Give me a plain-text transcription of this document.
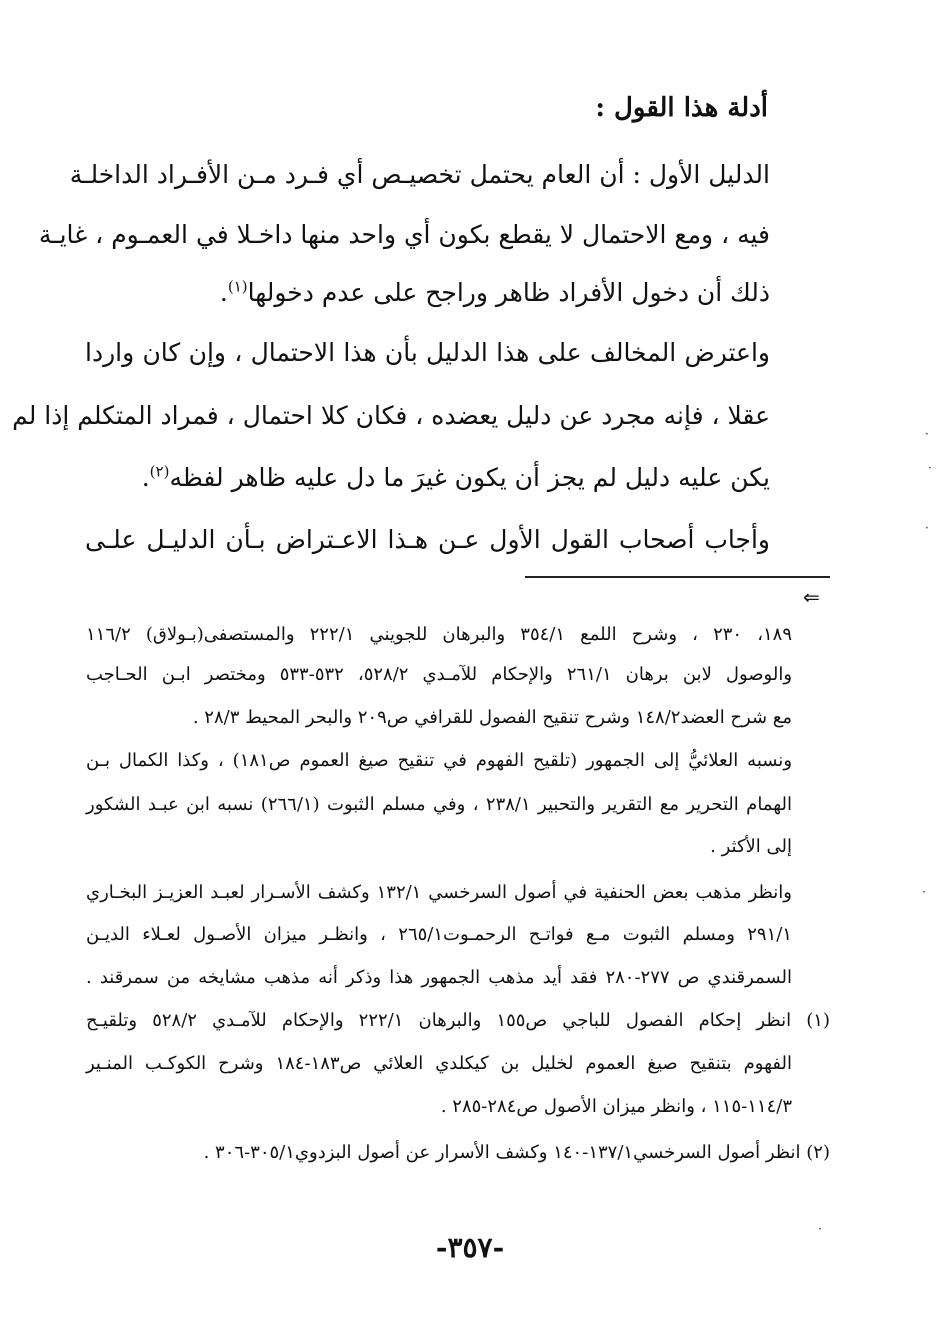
أدلة هذا القول :
الدليل الأول : أن العام يحتمل تخصيـص أي فـرد مـن الأفـراد الداخلـة
فيه ، ومع الاحتمال لا يقطع بكون أي واحد منها داخـلا في العمـوم ، غايـة
ذلك أن دخول الأفراد ظاهر وراجح على عدم دخولها$^{(١)}$.
واعترض المخالف على هذا الدليل بأن هذا الاحتمال ، وإن كان واردا
عقلا ، فإنه مجرد عن دليل يعضده ، فكان كلا احتمال ، فمراد المتكلم إذا لم
يكن عليه دليل لم يجز أن يكون غيرَ ما دل عليه ظاهر لفظه$^{(٢)}$.
وأجاب أصحاب القول الأول عـن هـذا الاعـتراض بـأن الدليـل علـى
⇐
١٨٩، ٢٣٠ ، وشرح اللمع ٣٥٤/١ والبرهان للجويني ٢٢٢/١ والمستصفى(بـولاق) ١١٦/٢
والوصول لابن برهان ٢٦١/١ والإحكام للآمـدي ٥٢٨/٢، ٥٣٢-٥٣٣ ومختصر ابـن الحـاجب
مع شرح العضد١٤٨/٢ وشرح تنقيح الفصول للقرافي ص٢٠٩ والبحر المحيط ٢٨/٣ .
ونسبه العلائيُّ إلى الجمهور (تلقيح الفهوم في تنقيح صيغ العموم ص١٨١) ، وكذا الكمال بـن
الهمام التحرير مع التقرير والتحبير ٢٣٨/١ ، وفي مسلم الثبوت (٢٦٦/١) نسبه ابن عبـد الشكور
إلى الأكثر .
وانظر مذهب بعض الحنفية في أصول السرخسي ١٣٢/١ وكشف الأسـرار لعبـد العزيـز البخـاري
٢٩١/١ ومسلم الثبوت مـع فواتـح الرحمـوت٢٦٥/١ ، وانظـر ميزان الأصـول لعـلاء الديـن
السمرقندي ص ٢٧٧-٢٨٠ فقد أيد مذهب الجمهور هذا وذكر أنه مذهب مشايخه من سمرقند .
(١) انظر إحكام الفصول للباجي ص١٥٥ والبرهان ٢٢٢/١ والإحكام للآمـدي ٥٢٨/٢ وتلقيـح
الفهوم بتنقيح صيغ العموم لخليل بن كيكلدي العلائي ص١٨٣-١٨٤ وشرح الكوكـب المنـير
١١٤/٣-١١٥ ، وانظر ميزان الأصول ص٢٨٤-٢٨٥ .
(٢) انظر أصول السرخسي١٣٧/١-١٤٠ وكشف الأسرار عن أصول البزدوي٣٠٥/١-٣٠٦ .
-٣٥٧-
·
·
·
·
·
